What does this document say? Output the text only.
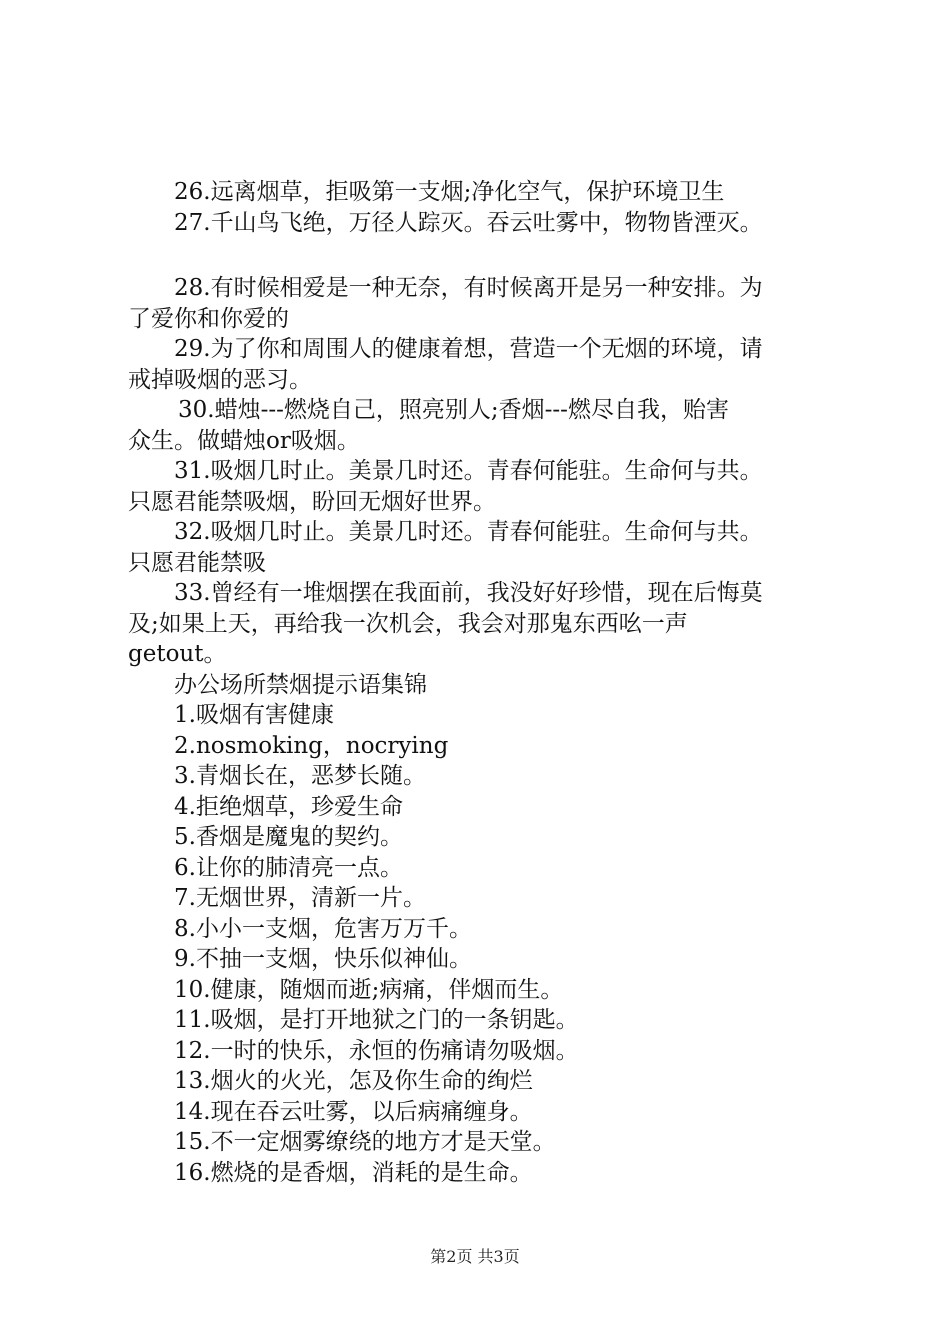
26.远离烟草，拒吸第一支烟;净化空气，保护环境卫生

27.千山鸟飞绝，万径人踪灭。吞云吐雾中，物物皆湮灭。

28.有时候相爱是一种无奈，有时候离开是另一种安排。为
了爱你和你爱的

29.为了你和周围人的健康着想，营造一个无烟的环境，请
戒掉吸烟的恶习。

30.蜡烛---燃烧自己，照亮别人;香烟---燃尽自我，贻害
众生。做蜡烛or吸烟。

31.吸烟几时止。美景几时还。青春何能驻。生命何与共。
只愿君能禁吸烟，盼回无烟好世界。

32.吸烟几时止。美景几时还。青春何能驻。生命何与共。
只愿君能禁吸

33.曾经有一堆烟摆在我面前，我没好好珍惜，现在后悔莫
及;如果上天，再给我一次机会，我会对那鬼东西吆一声
getout。

办公场所禁烟提示语集锦

1.吸烟有害健康
2.nosmoking，nocrying
3.青烟长在，恶梦长随。
4.拒绝烟草，珍爱生命
5.香烟是魔鬼的契约。
6.让你的肺清亮一点。
7.无烟世界，清新一片。
8.小小一支烟，危害万万千。
9.不抽一支烟，快乐似神仙。
10.健康，随烟而逝;病痛，伴烟而生。
11.吸烟，是打开地狱之门的一条钥匙。
12.一时的快乐，永恒的伤痛请勿吸烟。
13.烟火的火光，怎及你生命的绚烂
14.现在吞云吐雾，以后病痛缠身。
15.不一定烟雾缭绕的地方才是天堂。
16.燃烧的是香烟，消耗的是生命。
第2页 共3页
